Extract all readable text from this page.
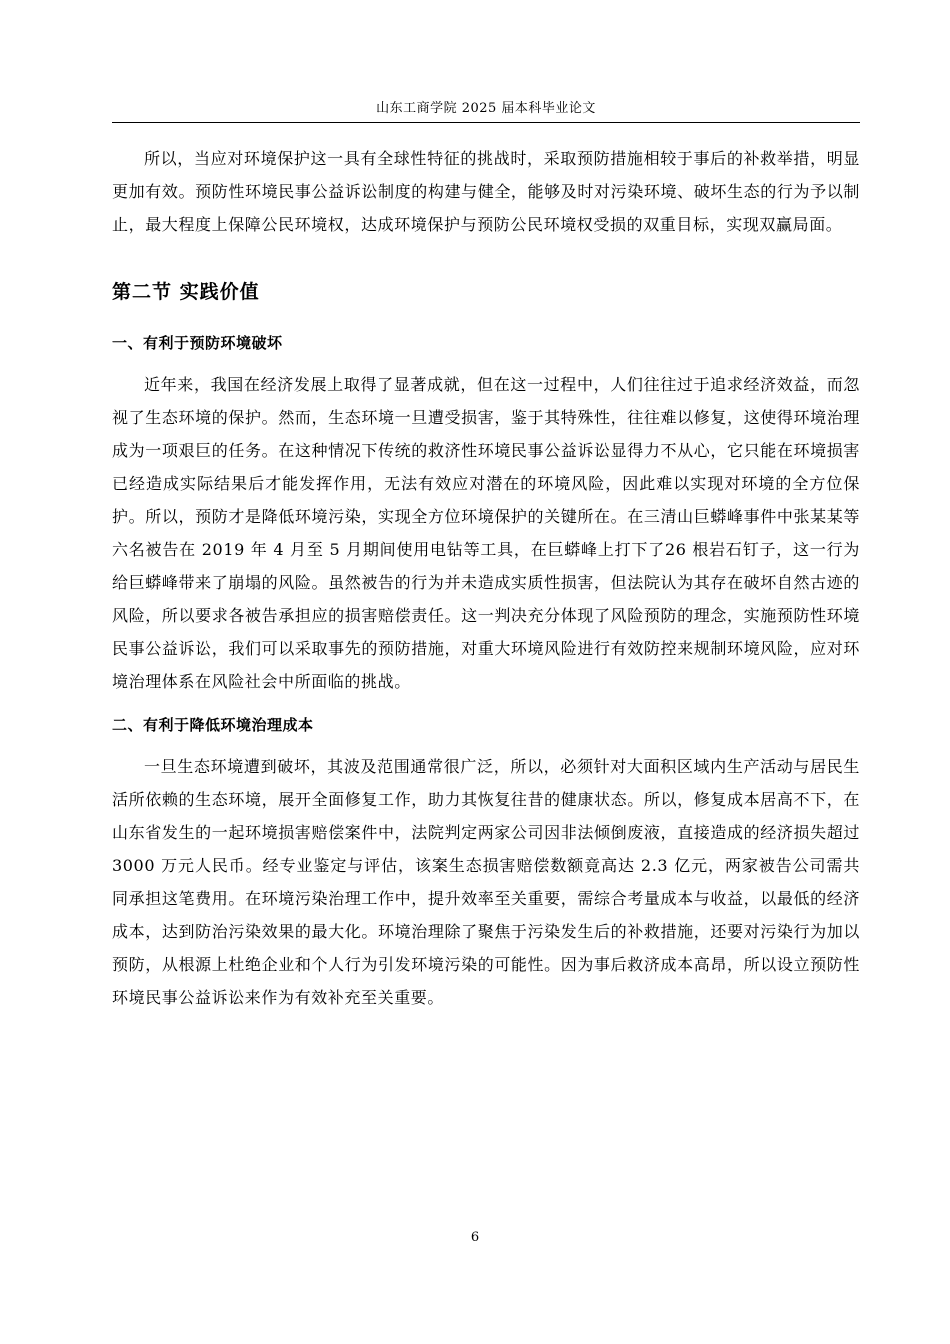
山东工商学院 2025 届本科毕业论文

所以，当应对环境保护这一具有全球性特征的挑战时，采取预防措施相较于事后的补救举措，明显更加有效。预防性环境民事公益诉讼制度的构建与健全，能够及时对污染环境、破坏生态的行为予以制止，最大程度上保障公民环境权，达成环境保护与预防公民环境权受损的双重目标，实现双赢局面。

第二节 实践价值
一、有利于预防环境破坏

近年来，我国在经济发展上取得了显著成就，但在这一过程中，人们往往过于追求经济效益，而忽视了生态环境的保护。然而，生态环境一旦遭受损害，鉴于其特殊性，往往难以修复，这使得环境治理成为一项艰巨的任务。在这种情况下传统的救济性环境民事公益诉讼显得力不从心，它只能在环境损害已经造成实际结果后才能发挥作用，无法有效应对潜在的环境风险，因此难以实现对环境的全方位保护。所以，预防才是降低环境污染，实现全方位环境保护的关键所在。在三清山巨蟒峰事件中张某某等六名被告在 2019 年 4 月至 5 月期间使用电钻等工具，在巨蟒峰上打下了26 根岩石钉子，这一行为给巨蟒峰带来了崩塌的风险。虽然被告的行为并未造成实质性损害，但法院认为其存在破坏自然古迹的风险，所以要求各被告承担应的损害赔偿责任。这一判决充分体现了风险预防的理念，实施预防性环境民事公益诉讼，我们可以采取事先的预防措施，对重大环境风险进行有效防控来规制环境风险，应对环境治理体系在风险社会中所面临的挑战。

二、有利于降低环境治理成本

一旦生态环境遭到破坏，其波及范围通常很广泛，所以，必须针对大面积区域内生产活动与居民生活所依赖的生态环境，展开全面修复工作，助力其恢复往昔的健康状态。所以，修复成本居高不下，在山东省发生的一起环境损害赔偿案件中，法院判定两家公司因非法倾倒废液，直接造成的经济损失超过 3000 万元人民币。经专业鉴定与评估，该案生态损害赔偿数额竟高达 2.3 亿元，两家被告公司需共同承担这笔费用。在环境污染治理工作中，提升效率至关重要，需综合考量成本与收益，以最低的经济成本，达到防治污染效果的最大化。环境治理除了聚焦于污染发生后的补救措施，还要对污染行为加以预防，从根源上杜绝企业和个人行为引发环境污染的可能性。因为事后救济成本高昂，所以设立预防性环境民事公益诉讼来作为有效补充至关重要。

6
